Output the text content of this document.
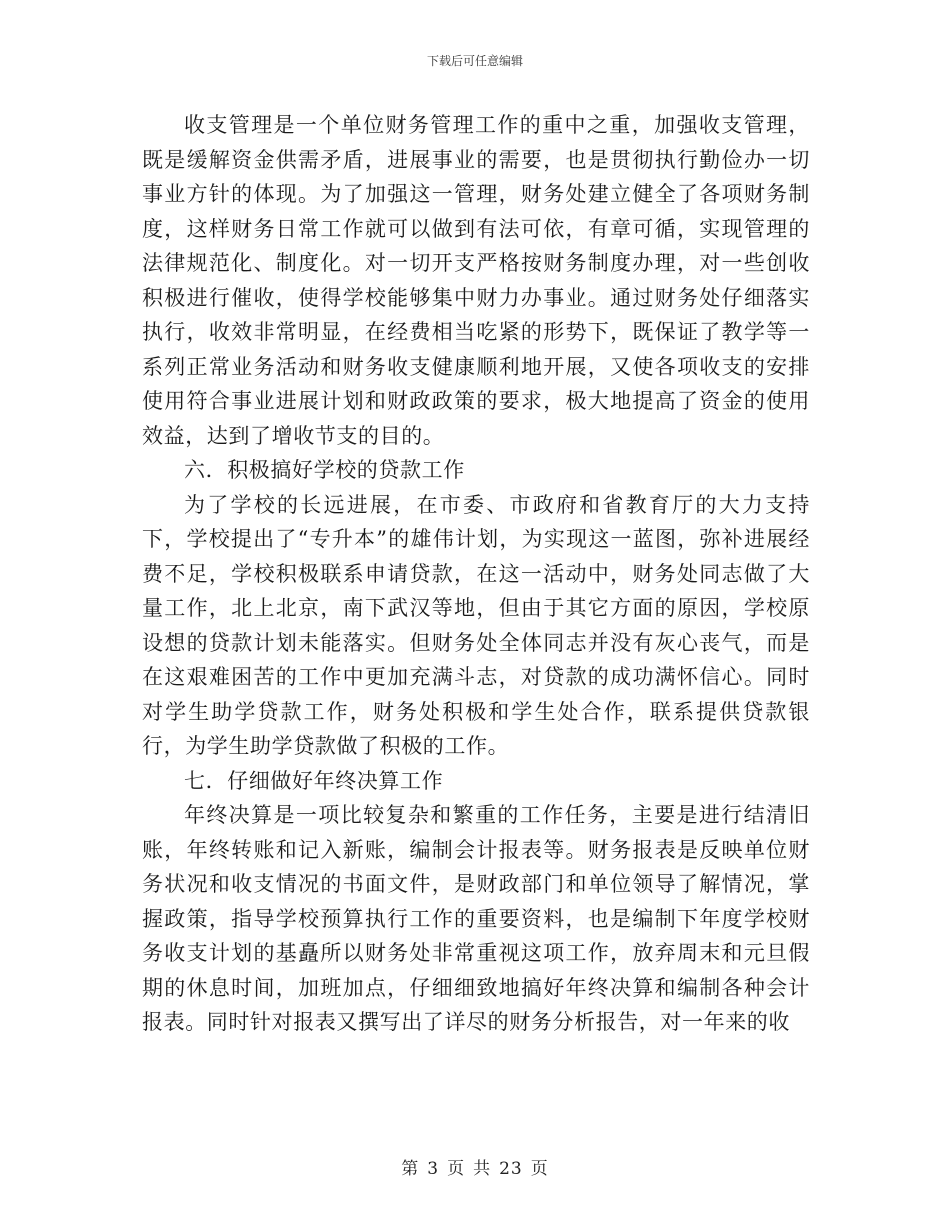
下载后可任意编辑

收支管理是一个单位财务管理工作的重中之重，加强收支管理，既是缓解资金供需矛盾，进展事业的需要，也是贯彻执行勤俭办一切事业方针的体现。为了加强这一管理，财务处建立健全了各项财务制度，这样财务日常工作就可以做到有法可依，有章可循，实现管理的法律规范化、制度化。对一切开支严格按财务制度办理，对一些创收积极进行催收，使得学校能够集中财力办事业。通过财务处仔细落实执行，收效非常明显，在经费相当吃紧的形势下，既保证了教学等一系列正常业务活动和财务收支健康顺利地开展，又使各项收支的安排使用符合事业进展计划和财政政策的要求，极大地提高了资金的使用效益，达到了增收节支的目的。

六．积极搞好学校的贷款工作

为了学校的长远进展，在市委、市政府和省教育厅的大力支持下，学校提出了“专升本”的雄伟计划，为实现这一蓝图，弥补进展经费不足，学校积极联系申请贷款，在这一活动中，财务处同志做了大量工作，北上北京，南下武汉等地，但由于其它方面的原因，学校原设想的贷款计划未能落实。但财务处全体同志并没有灰心丧气，而是在这艰难困苦的工作中更加充满斗志，对贷款的成功满怀信心。同时对学生助学贷款工作，财务处积极和学生处合作，联系提供贷款银行，为学生助学贷款做了积极的工作。

七．仔细做好年终决算工作

年终决算是一项比较复杂和繁重的工作任务，主要是进行结清旧账，年终转账和记入新账，编制会计报表等。财务报表是反映单位财务状况和收支情况的书面文件，是财政部门和单位领导了解情况，掌握政策，指导学校预算执行工作的重要资料，也是编制下年度学校财务收支计划的基矗所以财务处非常重视这项工作，放弃周末和元旦假期的休息时间，加班加点，仔细细致地搞好年终决算和编制各种会计报表。同时针对报表又撰写出了详尽的财务分析报告，对一年来的收

第 3 页 共 23 页
